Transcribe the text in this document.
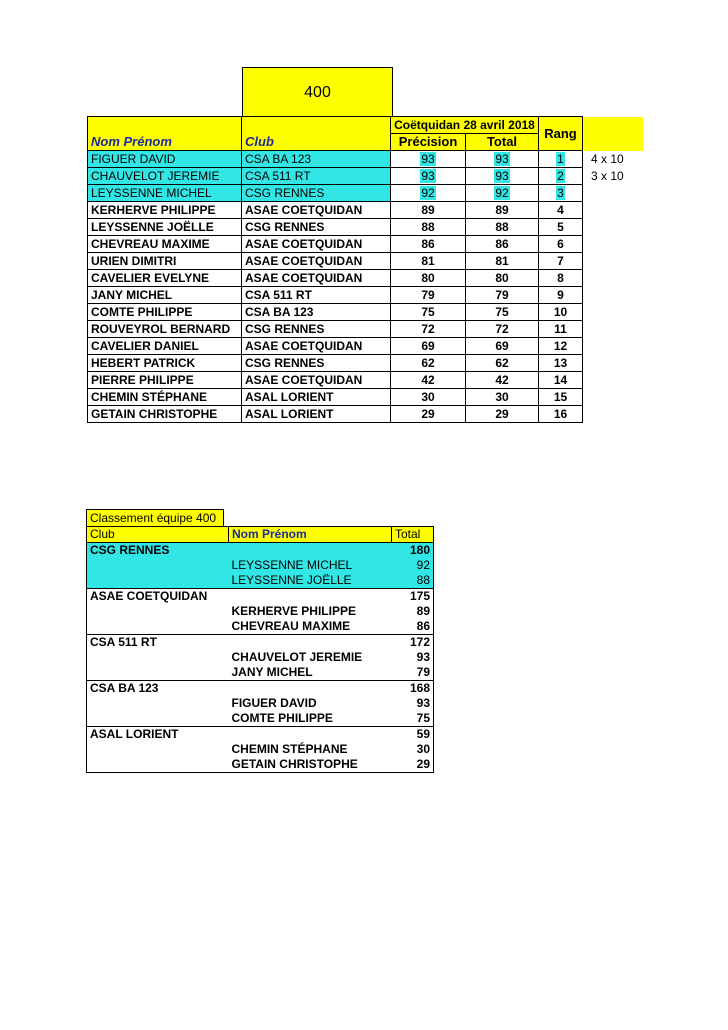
400
Nom Prénom	Club	Coëtquidan 28 avril 2018		Rang	
		Précision	Total		
FIGUER DAVID	CSA BA 123	93	93	1	4 x 10
CHAUVELOT JEREMIE	CSA 511 RT	93	93	2	3 x 10
LEYSSENNE MICHEL	CSG RENNES	92	92	3	
KERHERVE PHILIPPE	ASAE COETQUIDAN	89	89	4	
LEYSSENNE JOËLLE	CSG RENNES	88	88	5	
CHEVREAU MAXIME	ASAE COETQUIDAN	86	86	6	
URIEN DIMITRI	ASAE COETQUIDAN	81	81	7	
CAVELIER EVELYNE	ASAE COETQUIDAN	80	80	8	
JANY MICHEL	CSA 511 RT	79	79	9	
COMTE PHILIPPE	CSA BA 123	75	75	10	
ROUVEYROL BERNARD	CSG RENNES	72	72	11	
CAVELIER DANIEL	ASAE COETQUIDAN	69	69	12	
HEBERT PATRICK	CSG RENNES	62	62	13	
PIERRE PHILIPPE	ASAE COETQUIDAN	42	42	14	
CHEMIN STÉPHANE	ASAL LORIENT	30	30	15	
GETAIN CHRISTOPHE	ASAL LORIENT	29	29	16	
Classement équipe 400
Club	Nom Prénom	Total
CSG RENNES		180
	LEYSSENNE MICHEL	92
	LEYSSENNE JOËLLE	88
ASAE COETQUIDAN		175
	KERHERVE PHILIPPE	89
	CHEVREAU MAXIME	86
CSA 511 RT		172
	CHAUVELOT JEREMIE	93
	JANY MICHEL	79
CSA BA 123		168
	FIGUER DAVID	93
	COMTE PHILIPPE	75
ASAL LORIENT		59
	CHEMIN STÉPHANE	30
	GETAIN CHRISTOPHE	29
